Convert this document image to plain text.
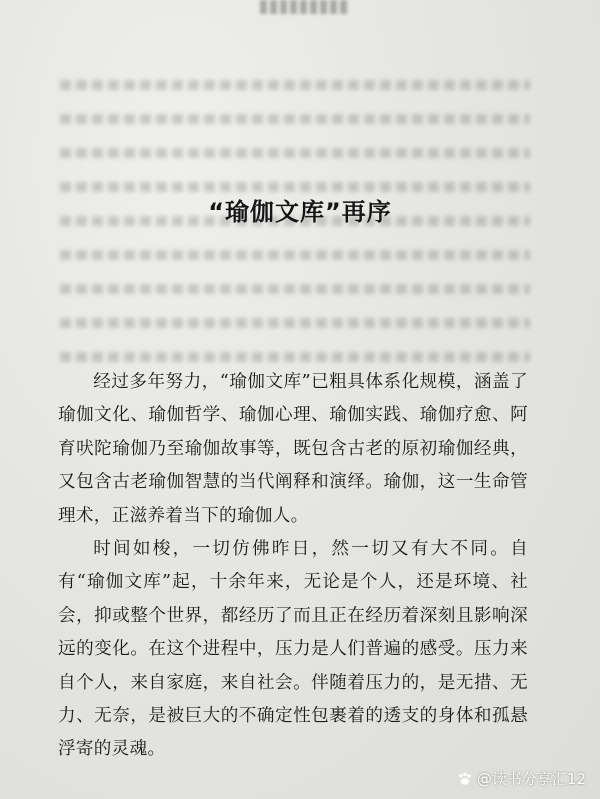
“瑜伽文库”再序

经过多年努力，“瑜伽文库”已粗具体系化规模，涵盖了瑜伽文化、瑜伽哲学、瑜伽心理、瑜伽实践、瑜伽疗愈、阿育吠陀瑜伽乃至瑜伽故事等，既包含古老的原初瑜伽经典，又包含古老瑜伽智慧的当代阐释和演绎。瑜伽，这一生命管理术，正滋养着当下的瑜伽人。

时间如梭，一切仿佛昨日，然一切又有大不同。自有“瑜伽文库”起，十余年来，无论是个人，还是环境、社会，抑或整个世界，都经历了而且正在经历着深刻且影响深远的变化。在这个进程中，压力是人们普遍的感受。压力来自个人，来自家庭，来自社会。伴随着压力的，是无措、无力、无奈，是被巨大的不确定性包裹着的透支的身体和孤悬浮寄的灵魂。

@读书分享汇12
